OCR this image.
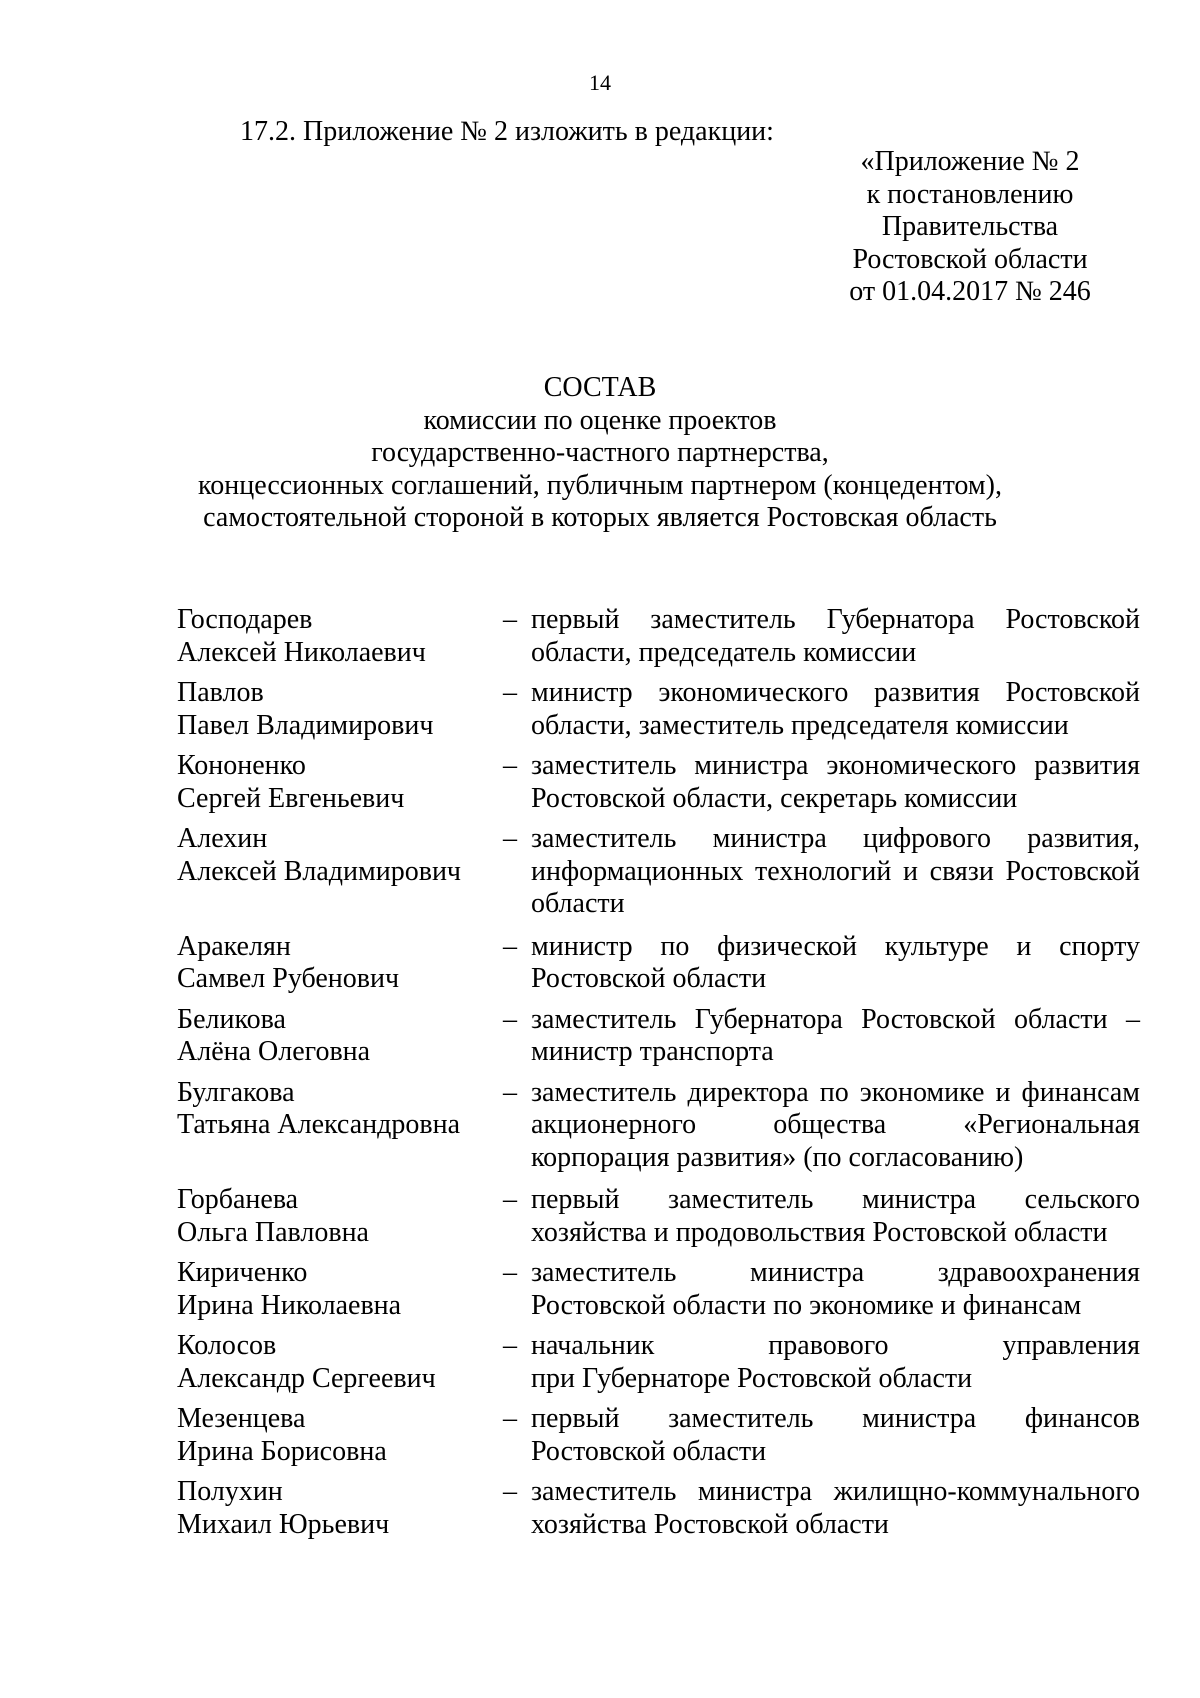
14
17.2. Приложение № 2 изложить в редакции:
«Приложение № 2
к постановлению
Правительства
Ростовской области
от 01.04.2017 № 246
СОСТАВ
комиссии по оценке проектов
государственно-частного партнерства,
концессионных соглашений, публичным партнером (концедентом),
самостоятельной стороной в которых является Ростовская область
Господарев
Алексей Николаевич
– первый заместитель Губернатора Ростовской
области, председатель комиссии
Павлов
Павел Владимирович
– министр экономического развития Ростовской
области, заместитель председателя комиссии
Кононенко
Сергей Евгеньевич
– заместитель министра экономического развития
Ростовской области, секретарь комиссии
Алехин
Алексей Владимирович
– заместитель министра цифрового развития,
информационных технологий и связи Ростовской
области
Аракелян
Самвел Рубенович
– министр по физической культуре и спорту
Ростовской области
Беликова
Алёна Олеговна
– заместитель Губернатора Ростовской области –
министр транспорта
Булгакова
Татьяна Александровна
– заместитель директора по экономике и финансам
акционерного общества «Региональная
корпорация развития» (по согласованию)
Горбанева
Ольга Павловна
– первый заместитель министра сельского
хозяйства и продовольствия Ростовской области
Кириченко
Ирина Николаевна
– заместитель министра здравоохранения
Ростовской области по экономике и финансам
Колосов
Александр Сергеевич
– начальник правового управления
при Губернаторе Ростовской области
Мезенцева
Ирина Борисовна
– первый заместитель министра финансов
Ростовской области
Полухин
Михаил Юрьевич
– заместитель министра жилищно-коммунального
хозяйства Ростовской области
